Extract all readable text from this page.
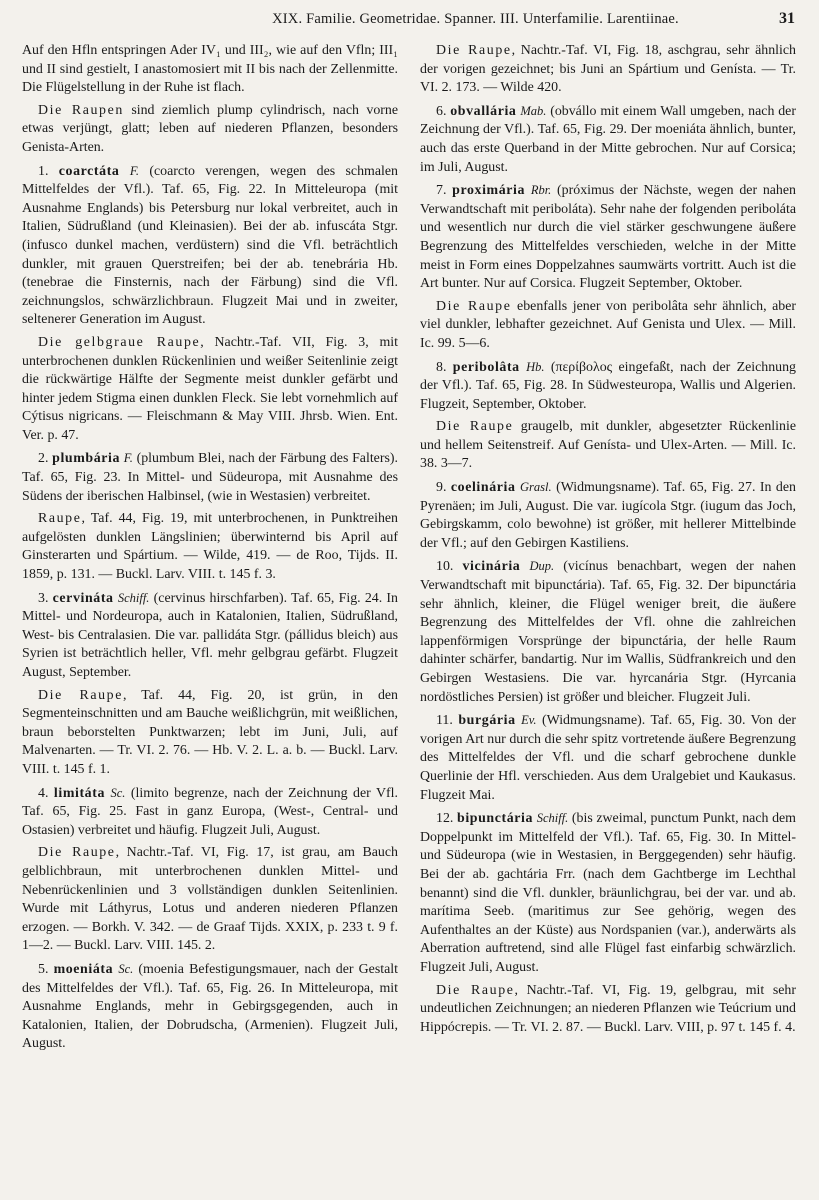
XIX. Familie. Geometridae. Spanner. III. Unterfamilie. Larentiinae.	31

Auf den Hfln entspringen Ader IV₁ und III₂, wie auf den Vfln; III₁ und II sind gestielt, I anastomosiert mit II bis nach der Zellenmitte. Die Flügelstellung in der Ruhe ist flach.

Die Raupen sind ziemlich plump cylindrisch, nach vorne etwas verjüngt, glatt; leben auf niederen Pflanzen, besonders Genista-Arten.

1. coarctáta F. (coarcto verengen, wegen des schmalen Mittelfeldes der Vfl.). Taf. 65, Fig. 22. In Mitteleuropa (mit Ausnahme Englands) bis Petersburg nur lokal verbreitet, auch in Italien, Südrußland (und Kleinasien). Bei der ab. infuscáta Stgr. (infusco dunkel machen, verdüstern) sind die Vfl. beträchtlich dunkler, mit grauen Querstreifen; bei der ab. tenebrária Hb. (tenebrae die Finsternis, nach der Färbung) sind die Vfl. zeichnungslos, schwärzlichbraun. Flugzeit Mai und in zweiter, seltenerer Generation im August.

Die gelbgraue Raupe, Nachtr.-Taf. VII, Fig. 3, mit unterbrochenen dunklen Rückenlinien und weißer Seitenlinie zeigt die rückwärtige Hälfte der Segmente meist dunkler gefärbt und hinter jedem Stigma einen dunklen Fleck. Sie lebt vornehmlich auf Cýtisus nigricans. — Fleischmann & May VIII. Jhrsb. Wien. Ent. Ver. p. 47.

2. plumbária F. (plumbum Blei, nach der Färbung des Falters). Taf. 65, Fig. 23. In Mittel- und Südeuropa, mit Ausnahme des Südens der iberischen Halbinsel, (wie in Westasien) verbreitet.

Raupe, Taf. 44, Fig. 19, mit unterbrochenen, in Punktreihen aufgelösten dunklen Längslinien; überwinternd bis April auf Ginsterarten und Spártium. — Wilde, 419. — de Roo, Tijds. II. 1859, p. 131. — Buckl. Larv. VIII. t. 145 f. 3.

3. cervináta Schiff. (cervinus hirschfarben). Taf. 65, Fig. 24. In Mittel- und Nordeuropa, auch in Katalonien, Italien, Südrußland, West- bis Centralasien. Die var. pallidáta Stgr. (pállidus bleich) aus Syrien ist beträchtlich heller, Vfl. mehr gelbgrau gefärbt. Flugzeit August, September.

Die Raupe, Taf. 44, Fig. 20, ist grün, in den Segmenteinschnitten und am Bauche weißlichgrün, mit weißlichen, braun beborstelten Punktwarzen; lebt im Juni, Juli, auf Malvenarten. — Tr. VI. 2. 76. — Hb. V. 2. L. a. b. — Buckl. Larv. VIII. t. 145 f. 1.

4. limitáta Sc. (limito begrenze, nach der Zeichnung der Vfl. Taf. 65, Fig. 25. Fast in ganz Europa, (West-, Central- und Ostasien) verbreitet und häufig. Flugzeit Juli, August.

Die Raupe, Nachtr.-Taf. VI, Fig. 17, ist grau, am Bauch gelblichbraun, mit unterbrochenen dunklen Mittel- und Nebenrückenlinien und 3 vollständigen dunklen Seitenlinien. Wurde mit Láthyrus, Lotus und anderen niederen Pflanzen erzogen. — Borkh. V. 342. — de Graaf Tijds. XXIX, p. 233 t. 9 f. 1—2. — Buckl. Larv. VIII. 145. 2.

5. moeniáta Sc. (moenia Befestigungsmauer, nach der Gestalt des Mittelfeldes der Vfl.). Taf. 65, Fig. 26. In Mitteleuropa, mit Ausnahme Englands, mehr in Gebirgsgegenden, auch in Katalonien, Italien, der Dobrudscha, (Armenien). Flugzeit Juli, August.

Die Raupe, Nachtr.-Taf. VI, Fig. 18, aschgrau, sehr ähnlich der vorigen gezeichnet; bis Juni an Spártium und Genísta. — Tr. VI. 2. 173. — Wilde 420.

6. obvallária Mab. (obvállo mit einem Wall umgeben, nach der Zeichnung der Vfl.). Taf. 65, Fig. 29. Der moeniáta ähnlich, bunter, auch das erste Querband in der Mitte gebrochen. Nur auf Corsica; im Juli, August.

7. proximária Rbr. (próximus der Nächste, wegen der nahen Verwandtschaft mit periboláta). Sehr nahe der folgenden periboláta und wesentlich nur durch die viel stärker geschwungene äußere Begrenzung des Mittelfeldes verschieden, welche in der Mitte meist in Form eines Doppelzahnes saumwärts vortritt. Auch ist die Art bunter. Nur auf Corsica. Flugzeit September, Oktober.

Die Raupe ebenfalls jener von peribolâta sehr ähnlich, aber viel dunkler, lebhafter gezeichnet. Auf Genista und Ulex. — Mill. Ic. 99. 5—6.

8. peribolâta Hb. (περίβολος eingefaßt, nach der Zeichnung der Vfl.). Taf. 65, Fig. 28. In Südwesteuropa, Wallis und Algerien. Flugzeit, September, Oktober.

Die Raupe graugelb, mit dunkler, abgesetzter Rückenlinie und hellem Seitenstreif. Auf Genísta- und Ulex-Arten. — Mill. Ic. 38. 3—7.

9. coelinária Grasl. (Widmungsname). Taf. 65, Fig. 27. In den Pyrenäen; im Juli, August. Die var. iugícola Stgr. (iugum das Joch, Gebirgskamm, colo bewohne) ist größer, mit hellerer Mittelbinde der Vfl.; auf den Gebirgen Kastiliens.

10. vicinária Dup. (vicínus benachbart, wegen der nahen Verwandtschaft mit bipunctária). Taf. 65, Fig. 32. Der bipunctária sehr ähnlich, kleiner, die Flügel weniger breit, die äußere Begrenzung des Mittelfeldes der Vfl. ohne die zahlreichen lappenförmigen Vorsprünge der bipunctária, der helle Raum dahinter schärfer, bandartig. Nur im Wallis, Südfrankreich und den Gebirgen Westasiens. Die var. hyrcanária Stgr. (Hyrcania nordöstliches Persien) ist größer und bleicher. Flugzeit Juli.

11. burgária Ev. (Widmungsname). Taf. 65, Fig. 30. Von der vorigen Art nur durch die sehr spitz vortretende äußere Begrenzung des Mittelfeldes der Vfl. und die scharf gebrochene dunkle Querlinie der Hfl. verschieden. Aus dem Uralgebiet und Kaukasus. Flugzeit Mai.

12. bipunctária Schiff. (bis zweimal, punctum Punkt, nach dem Doppelpunkt im Mittelfeld der Vfl.). Taf. 65, Fig. 30. In Mittel- und Südeuropa (wie in Westasien, in Berggegenden) sehr häufig. Bei der ab. gachtária Frr. (nach dem Gachtberge im Lechthal benannt) sind die Vfl. dunkler, bräunlichgrau, bei der var. und ab. marítima Seeb. (maritimus zur See gehörig, wegen des Aufenthaltes an der Küste) aus Nordspanien (var.), anderwärts als Aberration auftretend, sind alle Flügel fast einfarbig schwärzlich. Flugzeit Juli, August.

Die Raupe, Nachtr.-Taf. VI, Fig. 19, gelbgrau, mit sehr undeutlichen Zeichnungen; an niederen Pflanzen wie Teúcrium und Hippócrepis. — Tr. VI. 2. 87. — Buckl. Larv. VIII, p. 97 t. 145 f. 4.
